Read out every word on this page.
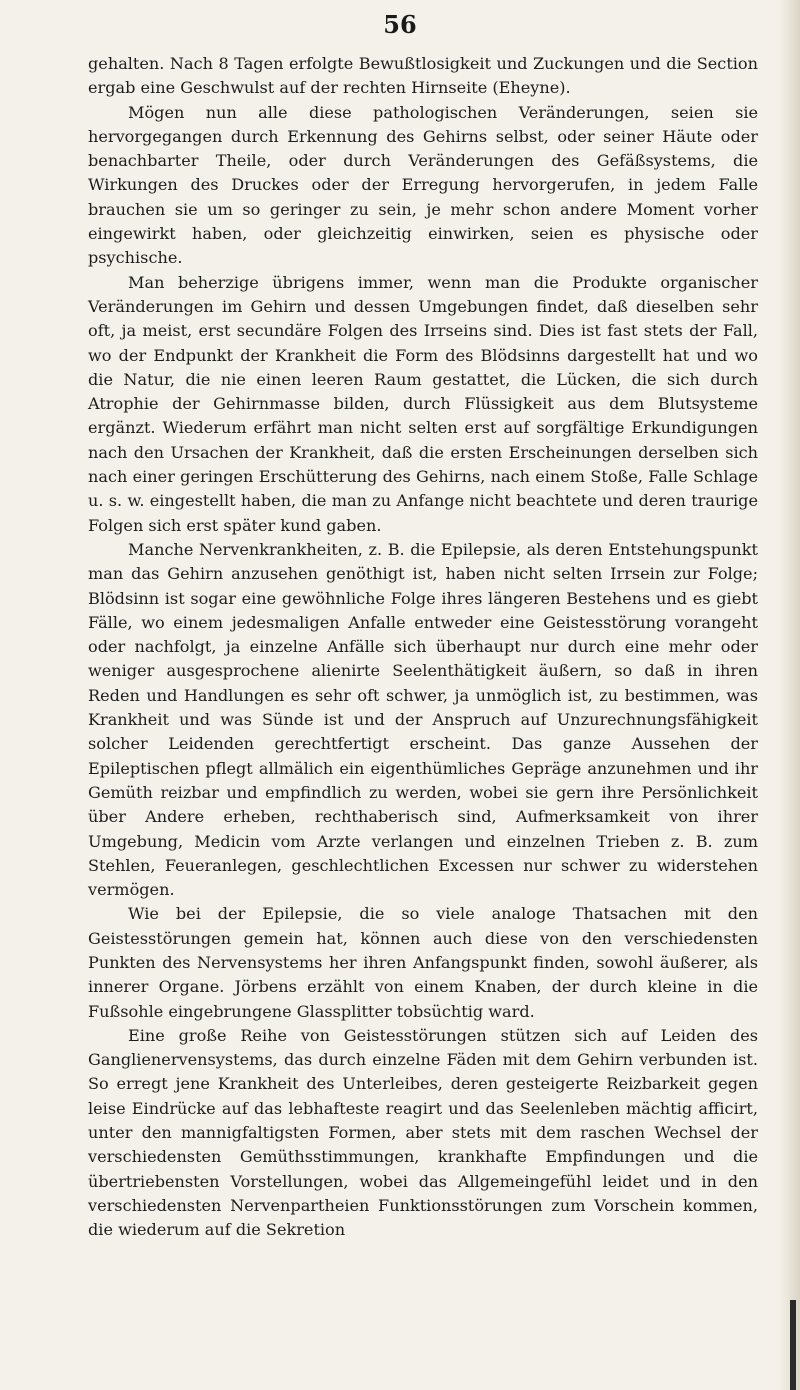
56

gehalten. Nach 8 Tagen erfolgte Bewußtlosigkeit und Zuckungen und die Section ergab eine Geschwulst auf der rechten Hirnseite (Eheyne).

Mögen nun alle diese pathologischen Veränderungen, seien sie hervorgegangen durch Erkennung des Gehirns selbst, oder seiner Häute oder benachbarter Theile, oder durch Veränderungen des Gefäßsystems, die Wirkungen des Druckes oder der Erregung hervorgerufen, in jedem Falle brauchen sie um so geringer zu sein, je mehr schon andere Moment vorher eingewirkt haben, oder gleichzeitig einwirken, seien es physische oder psychische.

Man beherzige übrigens immer, wenn man die Produkte organischer Veränderungen im Gehirn und dessen Umgebungen findet, daß dieselben sehr oft, ja meist, erst secundäre Folgen des Irrseins sind. Dies ist fast stets der Fall, wo der Endpunkt der Krankheit die Form des Blödsinns dargestellt hat und wo die Natur, die nie einen leeren Raum gestattet, die Lücken, die sich durch Atrophie der Gehirnmasse bilden, durch Flüssigkeit aus dem Blutsysteme ergänzt. Wiederum erfährt man nicht selten erst auf sorgfältige Erkundigungen nach den Ursachen der Krankheit, daß die ersten Erscheinungen derselben sich nach einer geringen Erschütterung des Gehirns, nach einem Stoße, Falle Schlage u. s. w. eingestellt haben, die man zu Anfange nicht beachtete und deren traurige Folgen sich erst später kund gaben.

Manche Nervenkrankheiten, z. B. die Epilepsie, als deren Entstehungspunkt man das Gehirn anzusehen genöthigt ist, haben nicht selten Irrsein zur Folge; Blödsinn ist sogar eine gewöhnliche Folge ihres längeren Bestehens und es giebt Fälle, wo einem jedesmaligen Anfalle entweder eine Geistesstörung vorangeht oder nachfolgt, ja einzelne Anfälle sich überhaupt nur durch eine mehr oder weniger ausgesprochene alienirte Seelenthätigkeit äußern, so daß in ihren Reden und Handlungen es sehr oft schwer, ja unmöglich ist, zu bestimmen, was Krankheit und was Sünde ist und der Anspruch auf Unzurechnungsfähigkeit solcher Leidenden gerechtfertigt erscheint. Das ganze Aussehen der Epileptischen pflegt allmälich ein eigenthümliches Gepräge anzunehmen und ihr Gemüth reizbar und empfindlich zu werden, wobei sie gern ihre Persönlichkeit über Andere erheben, rechthaberisch sind, Aufmerksamkeit von ihrer Umgebung, Medicin vom Arzte verlangen und einzelnen Trieben z. B. zum Stehlen, Feueranlegen, geschlechtlichen Excessen nur schwer zu widerstehen vermögen.

Wie bei der Epilepsie, die so viele analoge Thatsachen mit den Geistesstörungen gemein hat, können auch diese von den verschiedensten Punkten des Nervensystems her ihren Anfangspunkt finden, sowohl äußerer, als innerer Organe. Jörbens erzählt von einem Knaben, der durch kleine in die Fußsohle eingebrungene Glassplitter tobsüchtig ward.

Eine große Reihe von Geistesstörungen stützen sich auf Leiden des Ganglienervensystems, das durch einzelne Fäden mit dem Gehirn verbunden ist. So erregt jene Krankheit des Unterleibes, deren gesteigerte Reizbarkeit gegen leise Eindrücke auf das lebhafteste reagirt und das Seelenleben mächtig afficirt, unter den mannigfaltigsten Formen, aber stets mit dem raschen Wechsel der verschiedensten Gemüthsstimmungen, krankhafte Empfindungen und die übertriebensten Vorstellungen, wobei das Allgemeingefühl leidet und in den verschiedensten Nervenpartheien Funktionsstörungen zum Vorschein kommen, die wiederum auf die Sekretion
